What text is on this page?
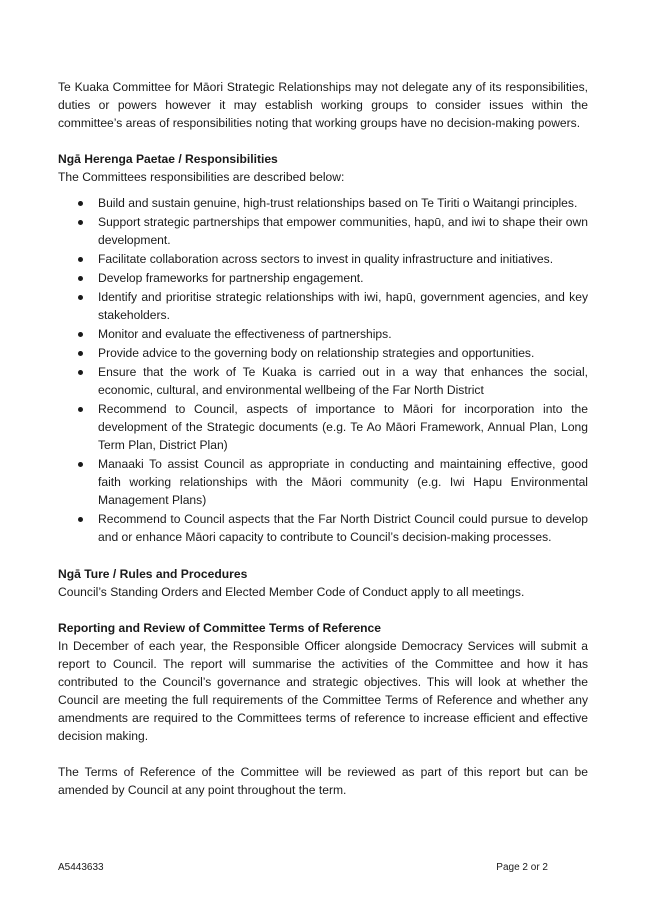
Te Kuaka Committee for Māori Strategic Relationships may not delegate any of its responsibilities, duties or powers however it may establish working groups to consider issues within the committee’s areas of responsibilities noting that working groups have no decision-making powers.

Ngā Herenga Paetae / Responsibilities

The Committees responsibilities are described below:

Build and sustain genuine, high-trust relationships based on Te Tiriti o Waitangi principles.
Support strategic partnerships that empower communities, hapū, and iwi to shape their own development.
Facilitate collaboration across sectors to invest in quality infrastructure and initiatives.
Develop frameworks for partnership engagement.
Identify and prioritise strategic relationships with iwi, hapū, government agencies, and key stakeholders.
Monitor and evaluate the effectiveness of partnerships.
Provide advice to the governing body on relationship strategies and opportunities.
Ensure that the work of Te Kuaka is carried out in a way that enhances the social, economic, cultural, and environmental wellbeing of the Far North District
Recommend to Council, aspects of importance to Māori for incorporation into the development of the Strategic documents (e.g. Te Ao Māori Framework, Annual Plan, Long Term Plan, District Plan)
Manaaki To assist Council as appropriate in conducting and maintaining effective, good faith working relationships with the Māori community (e.g. Iwi Hapu Environmental Management Plans)
Recommend to Council aspects that the Far North District Council could pursue to develop and or enhance Māori capacity to contribute to Council’s decision-making processes.

Ngā Ture / Rules and Procedures

Council’s Standing Orders and Elected Member Code of Conduct apply to all meetings.

Reporting and Review of Committee Terms of Reference

In December of each year, the Responsible Officer alongside Democracy Services will submit a report to Council. The report will summarise the activities of the Committee and how it has contributed to the Council’s governance and strategic objectives. This will look at whether the Council are meeting the full requirements of the Committee Terms of Reference and whether any amendments are required to the Committees terms of reference to increase efficient and effective decision making.

The Terms of Reference of the Committee will be reviewed as part of this report but can be amended by Council at any point throughout the term.

A5443633	Page 2 or 2
